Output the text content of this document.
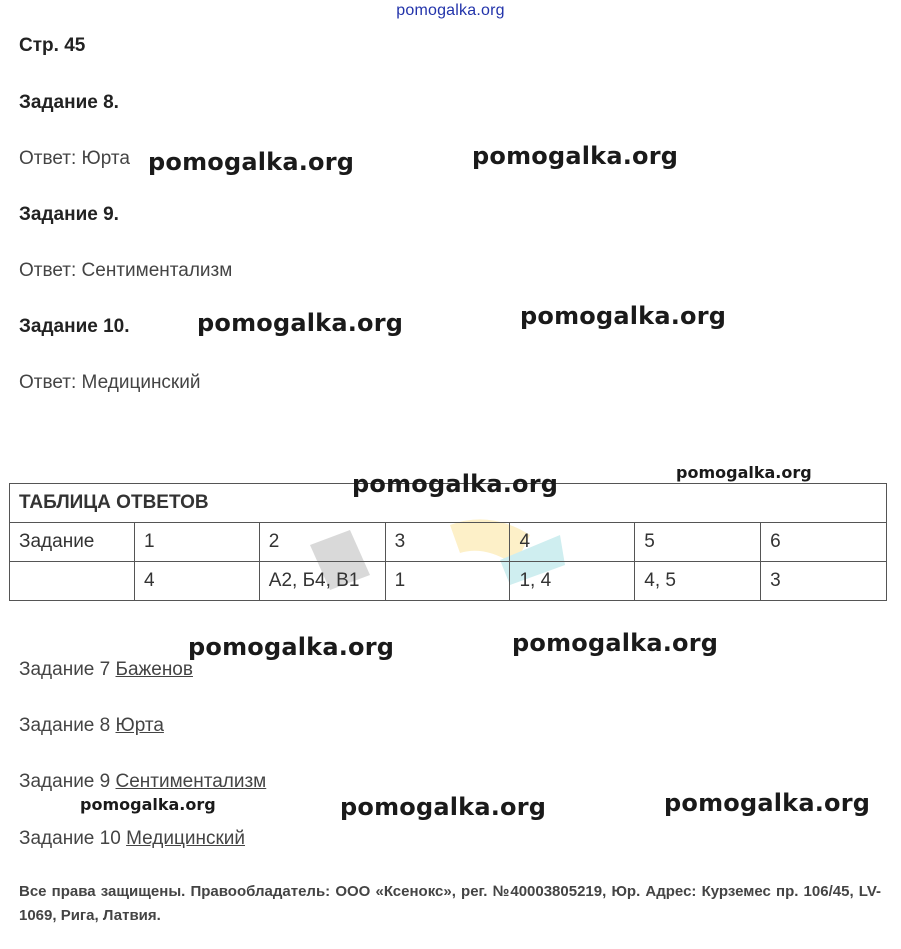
pomogalka.org
Стр. 45
Задание 8.
Ответ: Юрта
Задание 9.
Ответ: Сентиментализм
Задание 10.
Ответ: Медицинский
ТАБЛИЦА ОТВЕТОВ						
Задание	1	2	3	4	5	6
	4	А2, Б4, В1	1	1, 4	4, 5	3
Задание 7 Баженов
Задание 8 Юрта
Задание 9 Сентиментализм
Задание 10 Медицинский
pomogalka.org	pomogalka.org
pomogalka.org	pomogalka.org
pomogalka.org	pomogalka.org
pomogalka.org	pomogalka.org
pomogalka.org	pomogalka.org	pomogalka.org
Все права защищены. Правообладатель: ООО «Ксенокс», рег. №40003805219, Юр. Адрес: Курземес пр. 106/45, LV-1069, Рига, Латвия.
